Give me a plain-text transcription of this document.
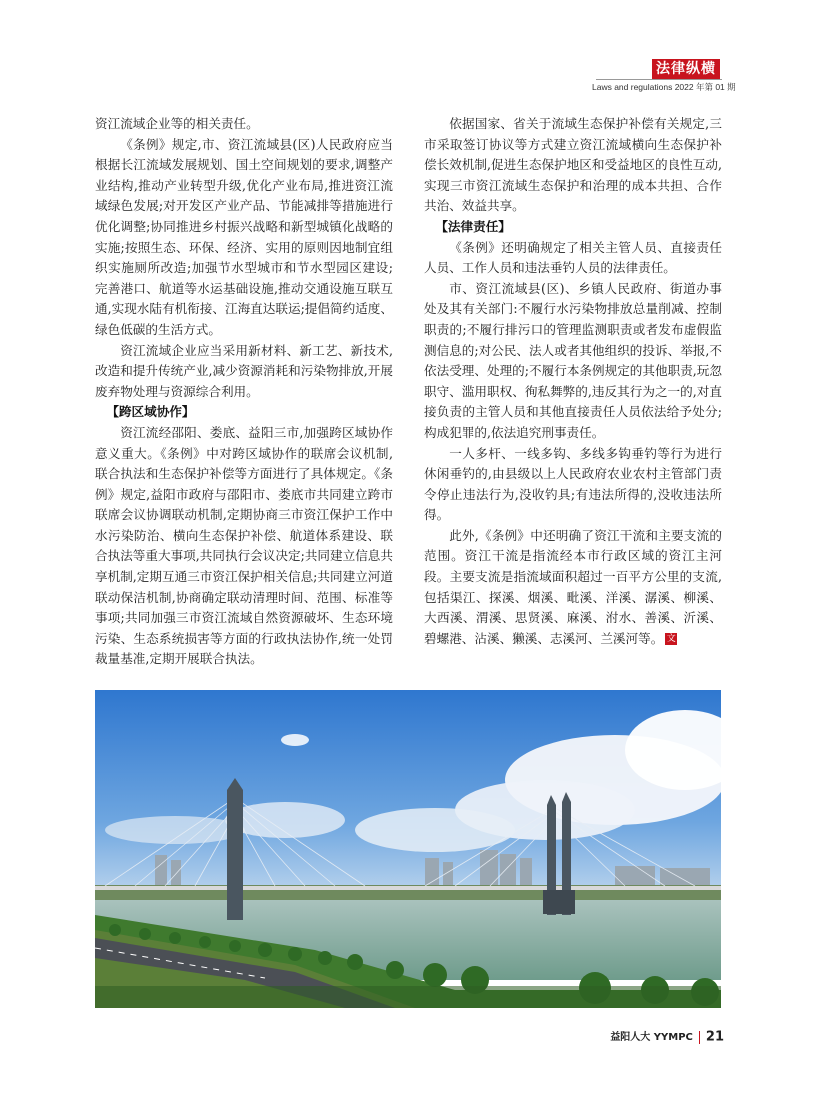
法律纵横
Laws and regulations 2022 年第 01 期

资江流域企业等的相关责任。

《条例》规定,市、资江流域县(区)人民政府应当根据长江流域发展规划、国土空间规划的要求,调整产业结构,推动产业转型升级,优化产业布局,推进资江流域绿色发展;对开发区产业产品、节能减排等措施进行优化调整;协同推进乡村振兴战略和新型城镇化战略的实施;按照生态、环保、经济、实用的原则因地制宜组织实施厕所改造;加强节水型城市和节水型园区建设;完善港口、航道等水运基础设施,推动交通设施互联互通,实现水陆有机衔接、江海直达联运;提倡简约适度、绿色低碳的生活方式。

资江流域企业应当采用新材料、新工艺、新技术,改造和提升传统产业,减少资源消耗和污染物排放,开展废弃物处理与资源综合利用。

【跨区域协作】

资江流经邵阳、娄底、益阳三市,加强跨区域协作意义重大。《条例》中对跨区域协作的联席会议机制,联合执法和生态保护补偿等方面进行了具体规定。《条例》规定,益阳市政府与邵阳市、娄底市共同建立跨市联席会议协调联动机制,定期协商三市资江保护工作中水污染防治、横向生态保护补偿、航道体系建设、联合执法等重大事项,共同执行会议决定;共同建立信息共享机制,定期互通三市资江保护相关信息;共同建立河道联动保洁机制,协商确定联动清理时间、范围、标准等事项;共同加强三市资江流域自然资源破坏、生态环境污染、生态系统损害等方面的行政执法协作,统一处罚裁量基准,定期开展联合执法。

依据国家、省关于流域生态保护补偿有关规定,三市采取签订协议等方式建立资江流域横向生态保护补偿长效机制,促进生态保护地区和受益地区的良性互动,实现三市资江流域生态保护和治理的成本共担、合作共治、效益共享。

【法律责任】

《条例》还明确规定了相关主管人员、直接责任人员、工作人员和违法垂钓人员的法律责任。

市、资江流域县(区)、乡镇人民政府、街道办事处及其有关部门:不履行水污染物排放总量削减、控制职责的;不履行排污口的管理监测职责或者发布虚假监测信息的;对公民、法人或者其他组织的投诉、举报,不依法受理、处理的;不履行本条例规定的其他职责,玩忽职守、滥用职权、徇私舞弊的,违反其行为之一的,对直接负责的主管人员和其他直接责任人员依法给予处分;构成犯罪的,依法追究刑事责任。

一人多杆、一线多钩、多线多钩垂钓等行为进行休闲垂钓的,由县级以上人民政府农业农村主管部门责令停止违法行为,没收钓具;有违法所得的,没收违法所得。

此外,《条例》中还明确了资江干流和主要支流的范围。资江干流是指流经本市行政区域的资江主河段。主要支流是指流域面积超过一百平方公里的支流,包括渠江、探溪、烟溪、毗溪、洋溪、潺溪、柳溪、大西溪、渭溪、思贤溪、麻溪、泭水、善溪、沂溪、碧螺港、沾溪、獭溪、志溪河、兰溪河等。 文

益阳人大 YYMPC 21
